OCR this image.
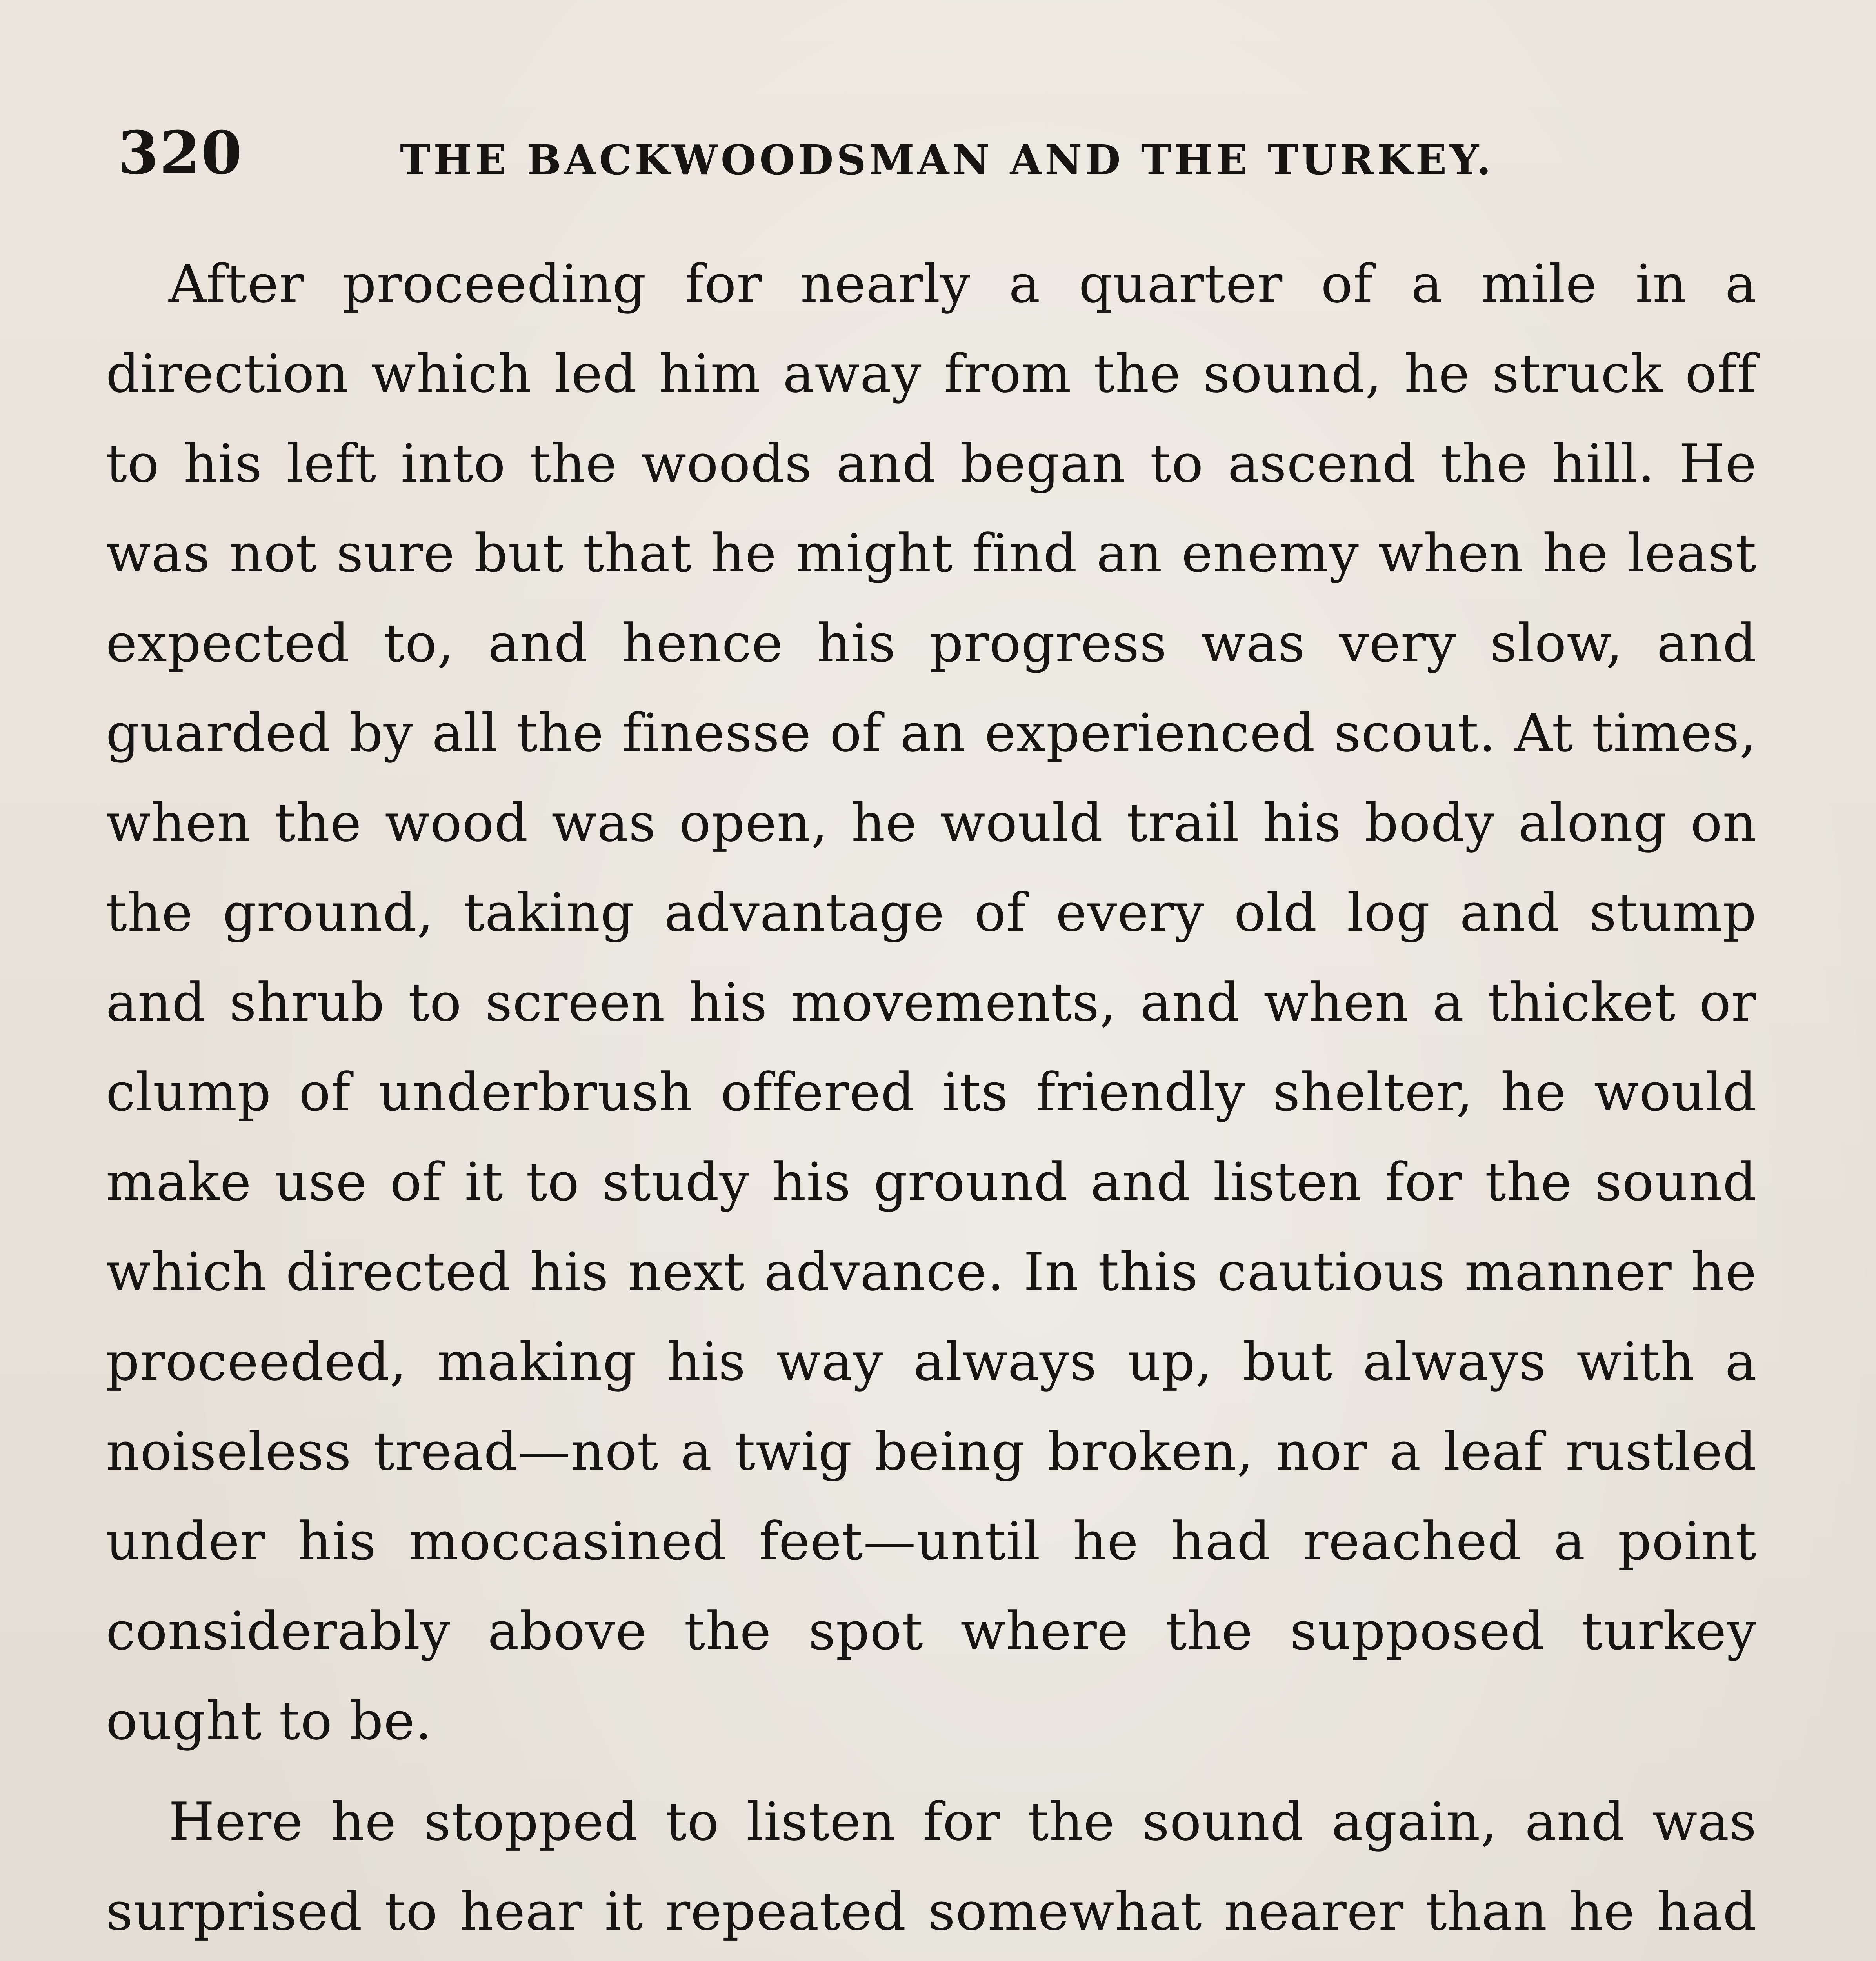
320	THE BACKWOODSMAN AND THE TURKEY.

After proceeding for nearly a quarter of a mile in a direction which led him away from the sound, he struck off to his left into the woods and began to ascend the hill. He was not sure but that he might find an enemy when he least expected to, and hence his progress was very slow, and guarded by all the finesse of an experienced scout. At times, when the wood was open, he would trail his body along on the ground, taking advantage of every old log and stump and shrub to screen his movements, and when a thicket or clump of underbrush offered its friendly shelter, he would make use of it to study his ground and listen for the sound which directed his next advance. In this cautious manner he proceeded, making his way always up, but always with a noiseless tread—not a twig being broken, nor a leaf rustled under his moccasined feet—until he had reached a point considerably above the spot where the supposed turkey ought to be.

Here he stopped to listen for the sound again, and was surprised to hear it repeated somewhat nearer than he had
